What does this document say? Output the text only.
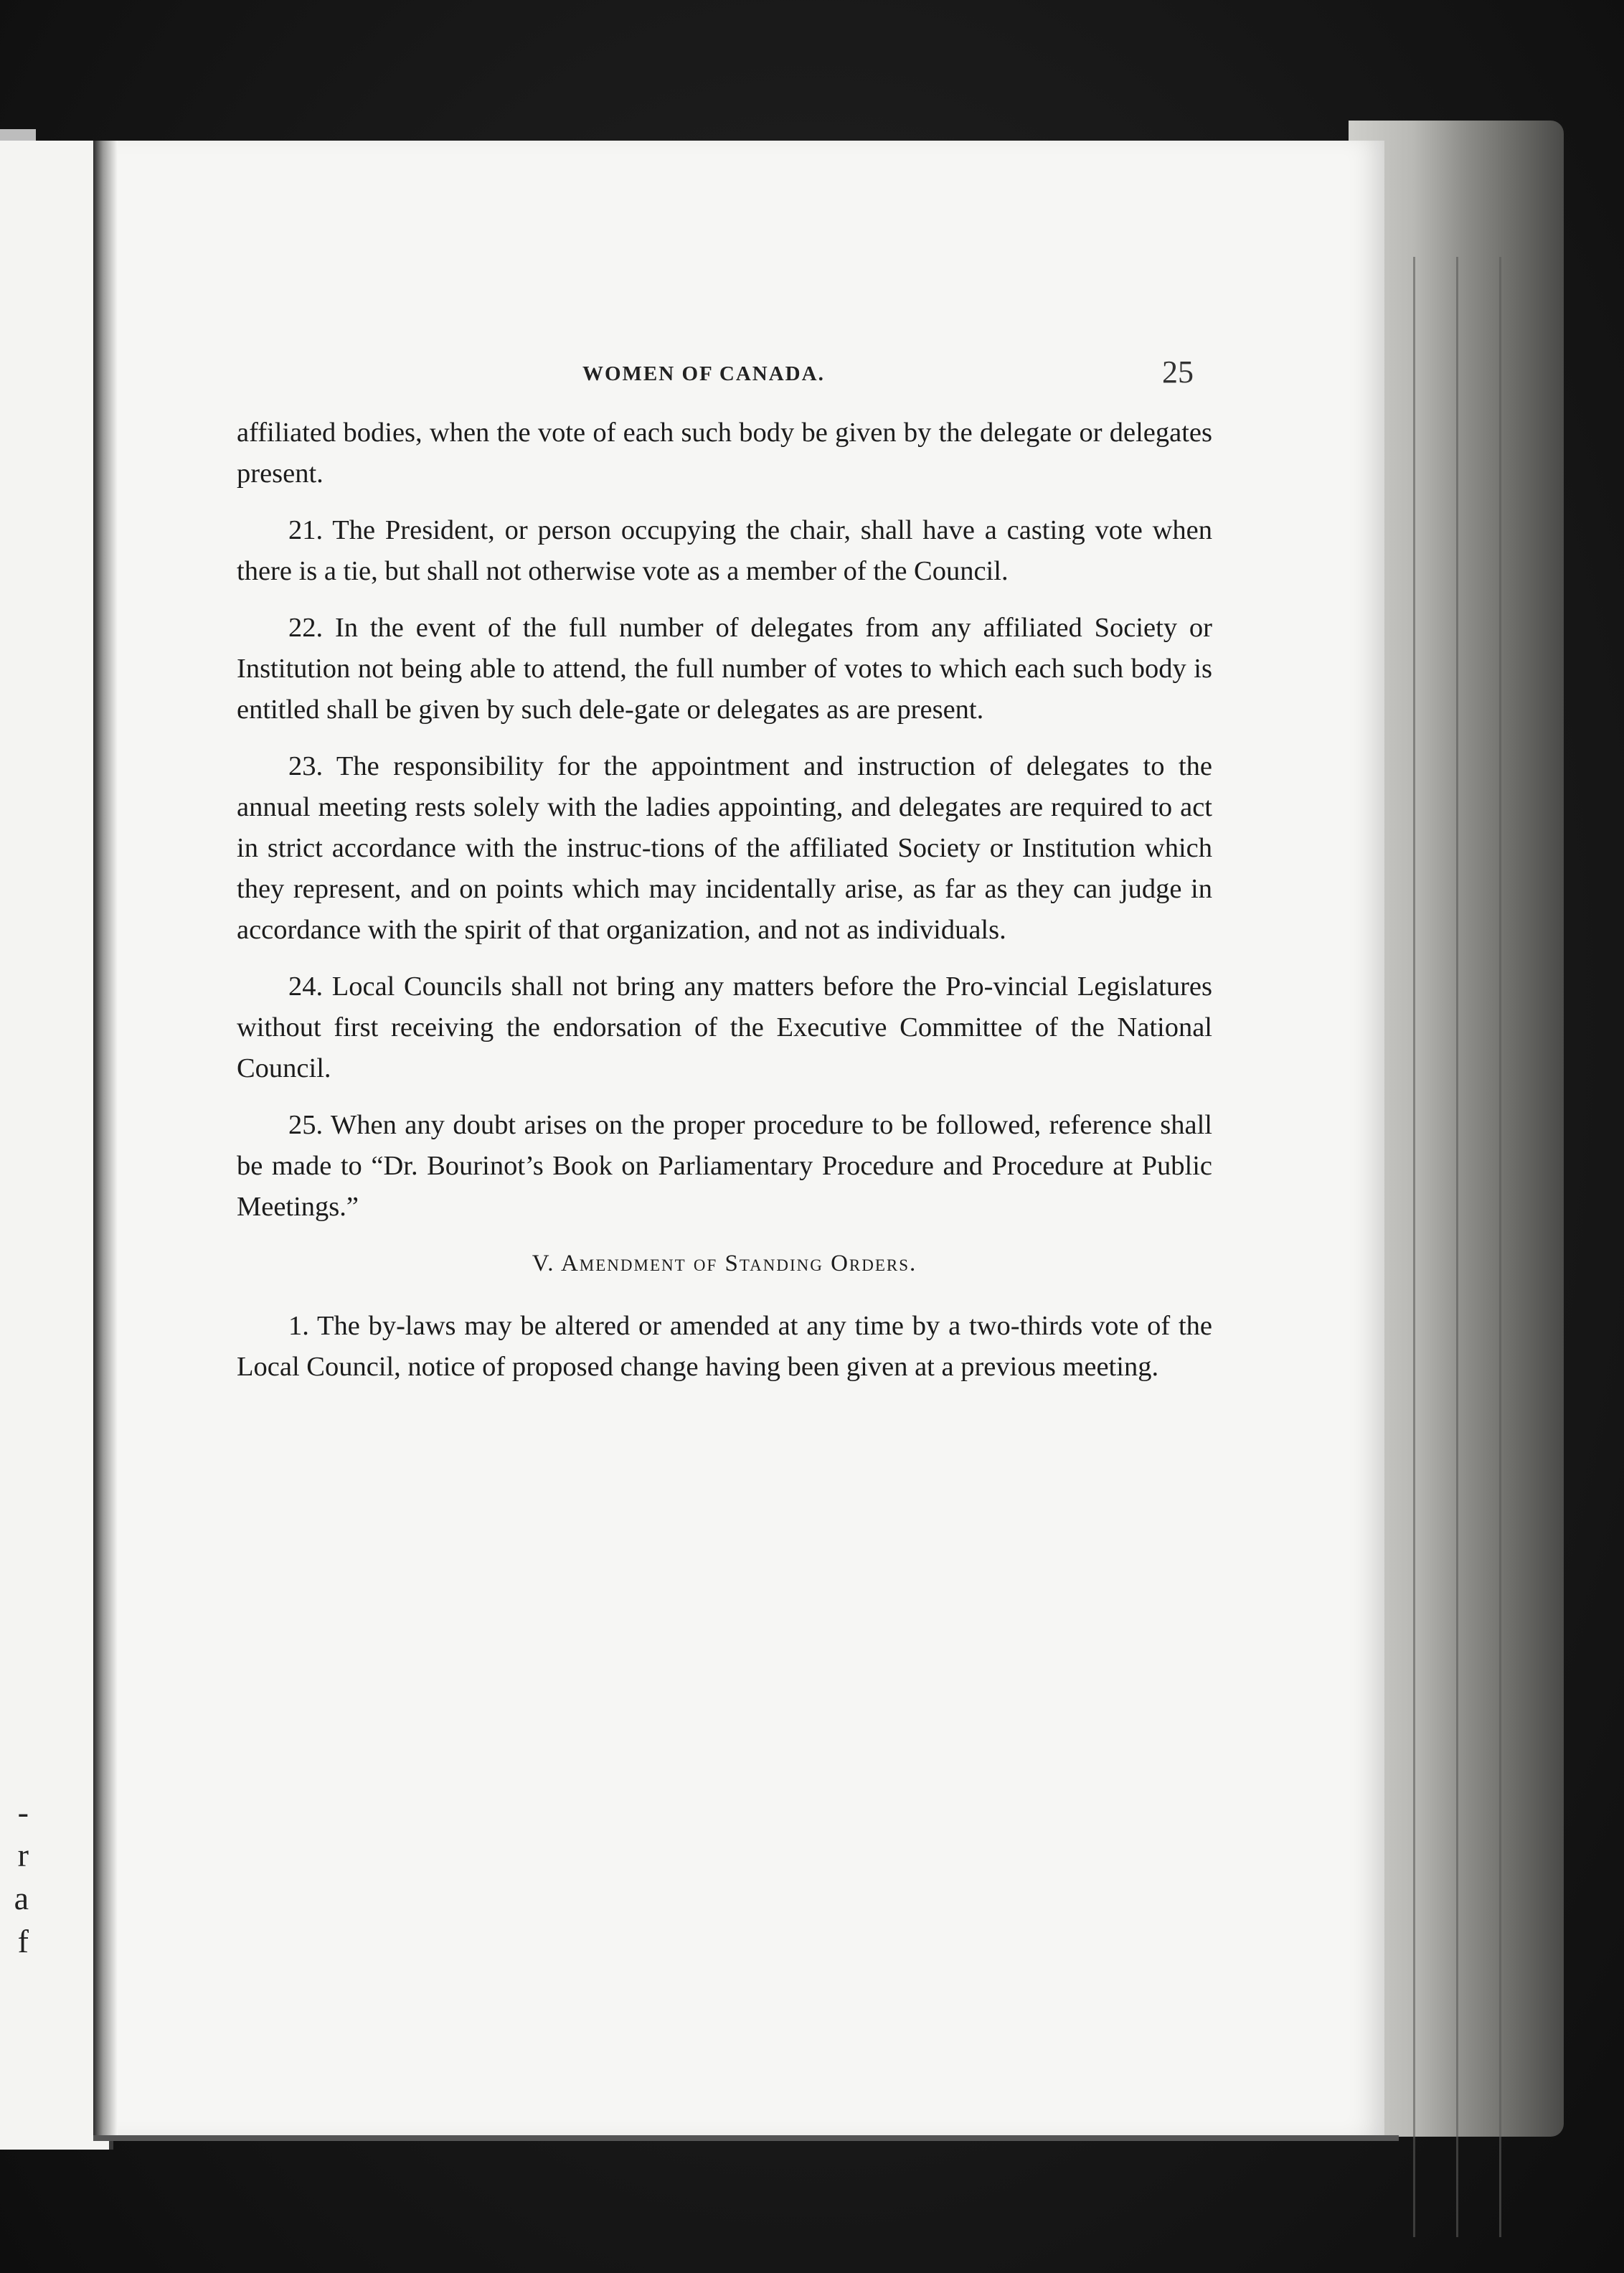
-
r
a
f
WOMEN OF CANADA.	25

affiliated bodies, when the vote of each such body be given by the delegate or delegates present.

21. The President, or person occupying the chair, shall have a casting vote when there is a tie, but shall not otherwise vote as a member of the Council.

22. In the event of the full number of delegates from any affiliated Society or Institution not being able to attend, the full number of votes to which each such body is entitled shall be given by such dele-gate or delegates as are present.

23. The responsibility for the appointment and instruction of delegates to the annual meeting rests solely with the ladies appointing, and delegates are required to act in strict accordance with the instruc-tions of the affiliated Society or Institution which they represent, and on points which may incidentally arise, as far as they can judge in accordance with the spirit of that organization, and not as individuals.

24. Local Councils shall not bring any matters before the Pro-vincial Legislatures without first receiving the endorsation of the Executive Committee of the National Council.

25. When any doubt arises on the proper procedure to be followed, reference shall be made to “Dr. Bourinot’s Book on Parliamentary Procedure and Procedure at Public Meetings.”

V. Amendment of Standing Orders.

1. The by-laws may be altered or amended at any time by a two-thirds vote of the Local Council, notice of proposed change having been given at a previous meeting.
